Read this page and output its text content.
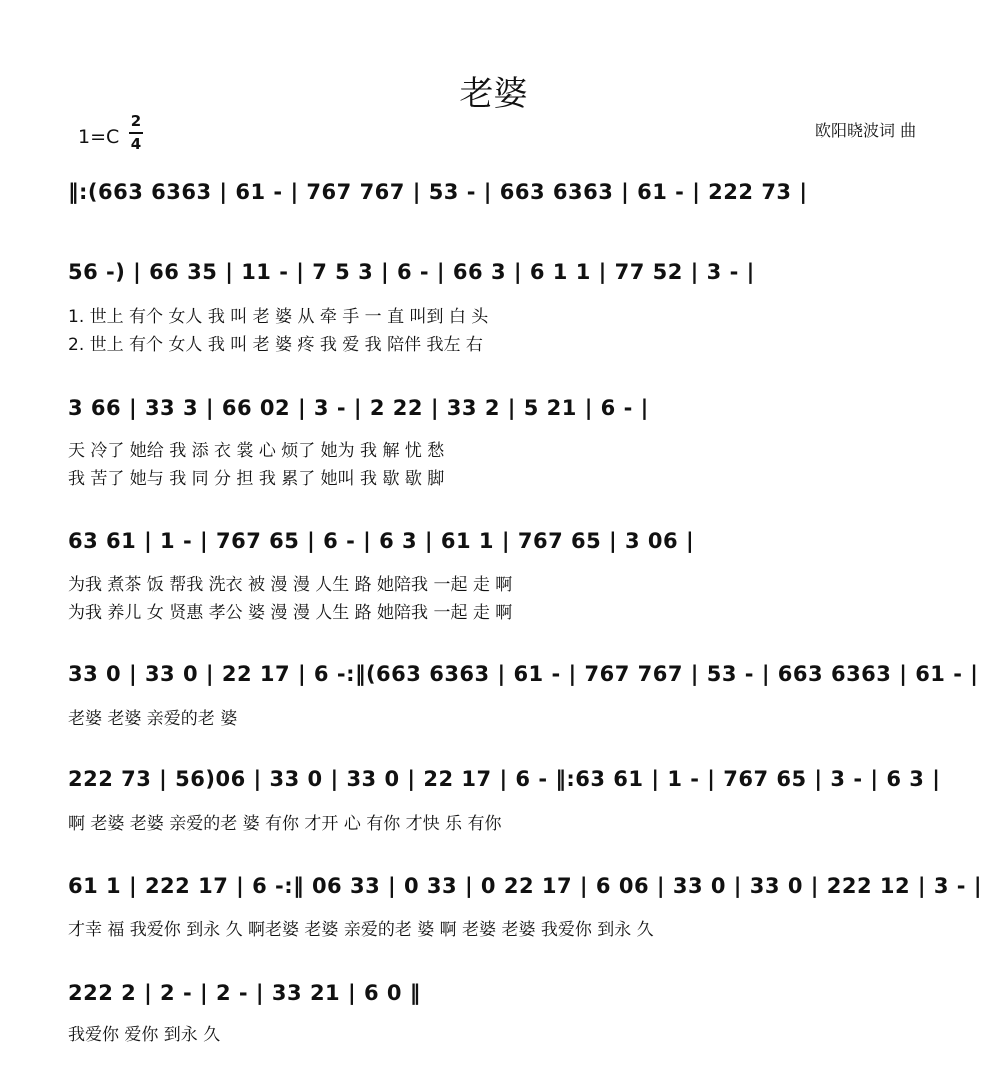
老婆
1=C
2
4
欧阳晓波词 曲
‖:(663 6363 | 61 - | 767 767 | 53 - | 663 6363 | 61 - | 222 73 |
56 -) | 66 35 | 11 - | 7 5 3 | 6 - | 66 3 | 6 1 1 | 77 52 | 3 - |
1. 世上 有个 女人 我 叫 老 婆 从 牵 手 一 直 叫到 白 头
2. 世上 有个 女人 我 叫 老 婆 疼 我 爱 我 陪伴 我左 右
3 66 | 33 3 | 66 02 | 3 - | 2 22 | 33 2 | 5 21 | 6 - |
天 冷了 她给 我 添 衣 裳 心 烦了 她为 我 解 忧 愁
我 苦了 她与 我 同 分 担 我 累了 她叫 我 歇 歇 脚
63 61 | 1 - | 767 65 | 6 - | 6 3 | 61 1 | 767 65 | 3 06 |
为我 煮茶 饭 帮我 洗衣 被 漫 漫 人生 路 她陪我 一起 走 啊
为我 养儿 女 贤惠 孝公 婆 漫 漫 人生 路 她陪我 一起 走 啊
33 0 | 33 0 | 22 17 | 6 -:‖(663 6363 | 61 - | 767 767 | 53 - | 663 6363 | 61 - |
老婆 老婆 亲爱的老 婆
222 73 | 56)06 | 33 0 | 33 0 | 22 17 | 6 - ‖:63 61 | 1 - | 767 65 | 3 - | 6 3 |
啊 老婆 老婆 亲爱的老 婆 有你 才开 心 有你 才快 乐 有你
61 1 | 222 17 | 6 -:‖ 06 33 | 0 33 | 0 22 17 | 6 06 | 33 0 | 33 0 | 222 12 | 3 - |
才幸 福 我爱你 到永 久 啊老婆 老婆 亲爱的老 婆 啊 老婆 老婆 我爱你 到永 久
222 2 | 2 - | 2 - | 33 21 | 6 0 ‖
我爱你 爱你 到永 久
